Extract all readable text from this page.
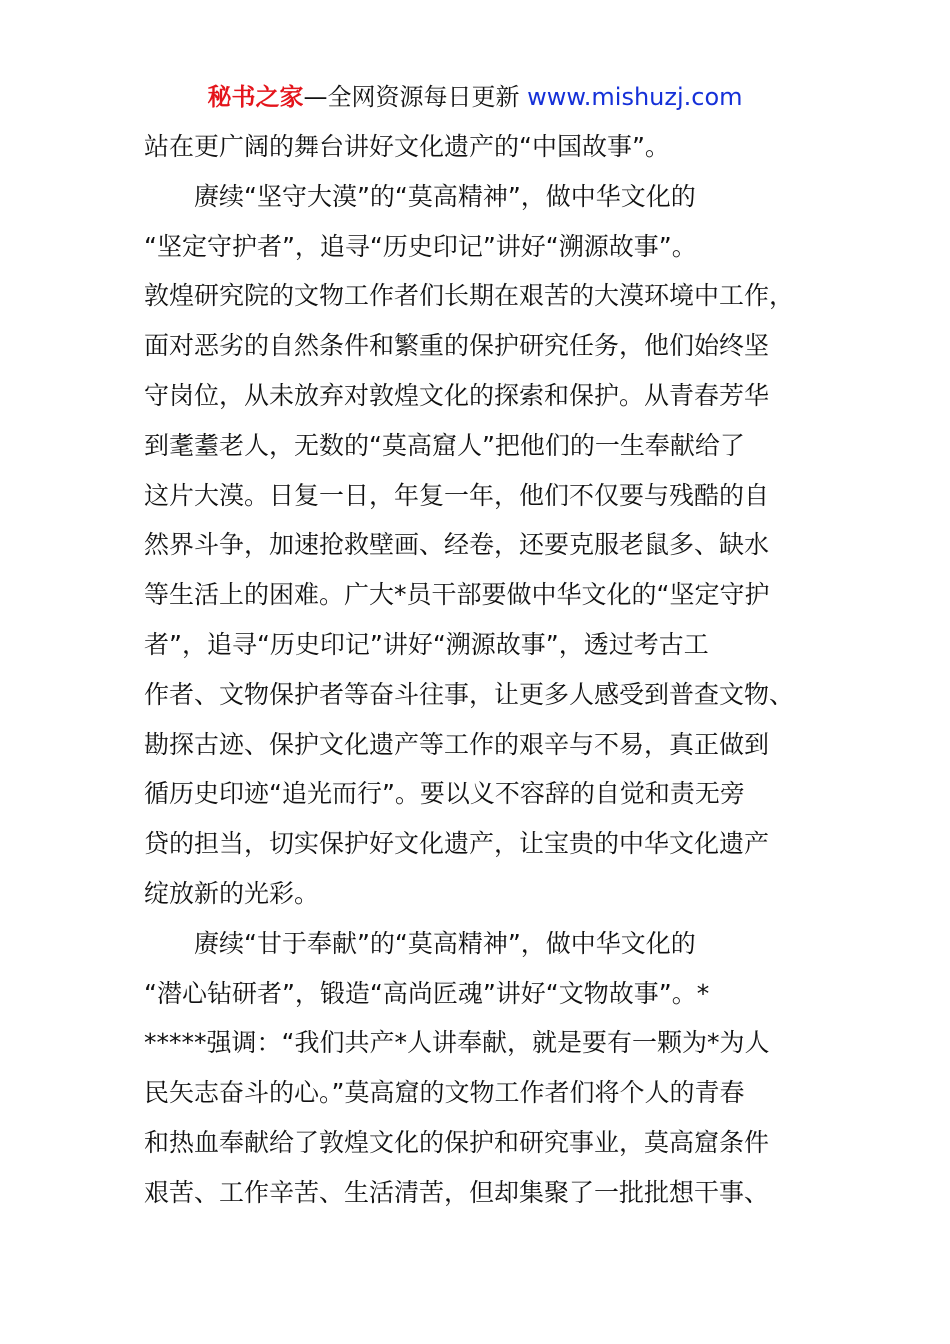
秘书之家—全网资源每日更新 www.mishuzj.com
站在更广阔的舞台讲好文化遗产的“中国故事”。
赓续“坚守大漠”的“莫高精神”，做中华文化的
“坚定守护者”，追寻“历史印记”讲好“溯源故事”。
敦煌研究院的文物工作者们长期在艰苦的大漠环境中工作，
面对恶劣的自然条件和繁重的保护研究任务，他们始终坚
守岗位，从未放弃对敦煌文化的探索和保护。从青春芳华
到耄耋老人，无数的“莫高窟人”把他们的一生奉献给了
这片大漠。日复一日，年复一年，他们不仅要与残酷的自
然界斗争，加速抢救壁画、经卷，还要克服老鼠多、缺水
等生活上的困难。广大*员干部要做中华文化的“坚定守护
者”，追寻“历史印记”讲好“溯源故事”，透过考古工
作者、文物保护者等奋斗往事，让更多人感受到普查文物、
勘探古迹、保护文化遗产等工作的艰辛与不易，真正做到
循历史印迹“追光而行”。要以义不容辞的自觉和责无旁
贷的担当，切实保护好文化遗产，让宝贵的中华文化遗产
绽放新的光彩。
赓续“甘于奉献”的“莫高精神”，做中华文化的
“潜心钻研者”，锻造“高尚匠魂”讲好“文物故事”。*
*****强调：“我们共产*人讲奉献，就是要有一颗为*为人
民矢志奋斗的心。”莫高窟的文物工作者们将个人的青春
和热血奉献给了敦煌文化的保护和研究事业，莫高窟条件
艰苦、工作辛苦、生活清苦，但却集聚了一批批想干事、
